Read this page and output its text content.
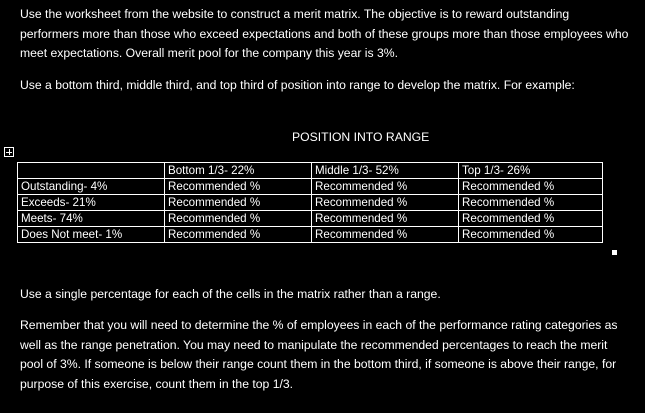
Use the worksheet from the website to construct a merit matrix. The objective is to reward outstanding performers more than those who exceed expectations and both of these groups more than those employees who meet expectations. Overall merit pool for the company this year is 3%.

Use a bottom third, middle third, and top third of position into range to develop the matrix. For example:

POSITION INTO RANGE
	Bottom 1/3- 22%	Middle 1/3- 52%	Top 1/3- 26%
Outstanding- 4%	Recommended %	Recommended %	Recommended %
Exceeds- 21%	Recommended %	Recommended %	Recommended %
Meets- 74%	Recommended %	Recommended %	Recommended %
Does Not meet- 1%	Recommended %	Recommended %	Recommended %

Use a single percentage for each of the cells in the matrix rather than a range.

Remember that you will need to determine the % of employees in each of the performance rating categories as well as the range penetration. You may need to manipulate the recommended percentages to reach the merit pool of 3%. If someone is below their range count them in the bottom third, if someone is above their range, for purpose of this exercise, count them in the top 1/3.
